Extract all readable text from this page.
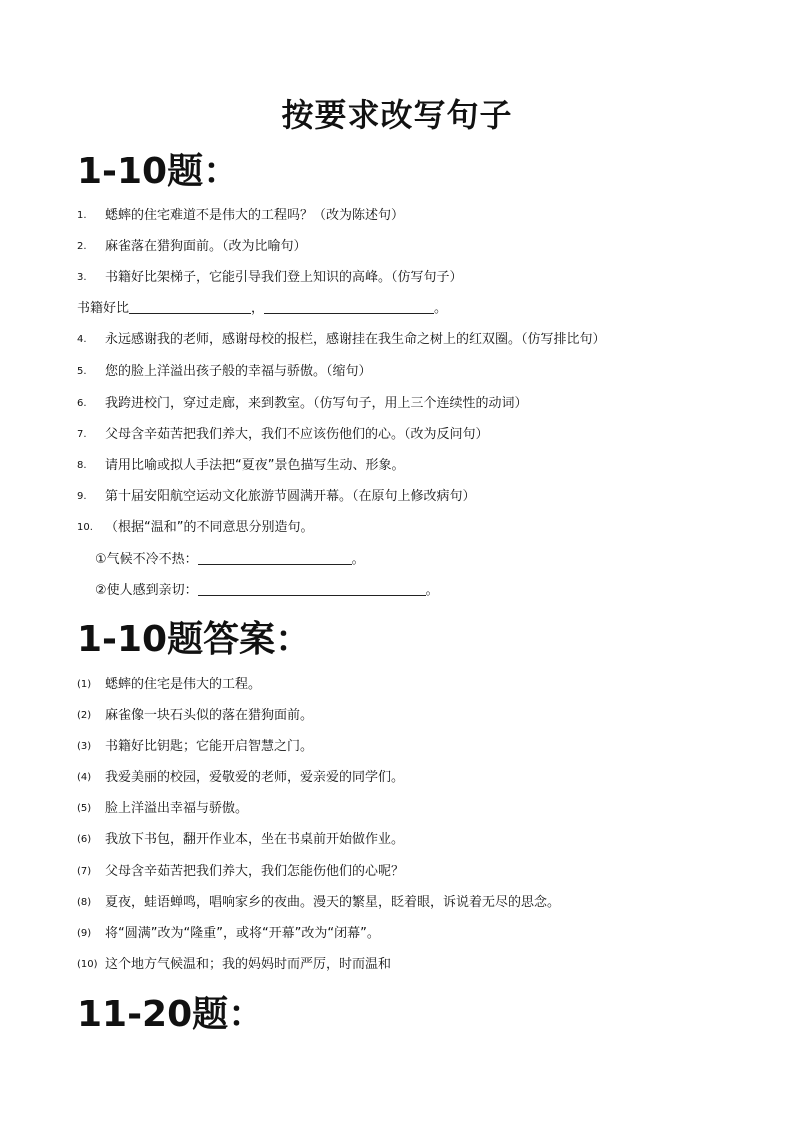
按要求改写句子
1-10题：
1. 蟋蟀的住宅难道不是伟大的工程吗？（改为陈述句）
2. 麻雀落在猎狗面前。（改为比喻句）
3. 书籍好比架梯子，它能引导我们登上知识的高峰。（仿写句子）
书籍好比	，	。
4. 永远感谢我的老师，感谢母校的报栏，感谢挂在我生命之树上的红双圈。（仿写排比句）
5. 您的脸上洋溢出孩子般的幸福与骄傲。（缩句）
6. 我跨进校门，穿过走廊，来到教室。（仿写句子，用上三个连续性的动词）
7. 父母含辛茹苦把我们养大，我们不应该伤他们的心。（改为反问句）
8. 请用比喻或拟人手法把“夏夜”景色描写生动、形象。
9. 第十届安阳航空运动文化旅游节圆满开幕。（在原句上修改病句）
10. （根据“温和”的不同意思分别造句。
①气候不冷不热：	。
②使人感到亲切：	。
1-10题答案：
(1) 蟋蟀的住宅是伟大的工程。
(2) 麻雀像一块石头似的落在猎狗面前。
(3) 书籍好比钥匙；它能开启智慧之门。
(4) 我爱美丽的校园，爱敬爱的老师，爱亲爱的同学们。
(5) 脸上洋溢出幸福与骄傲。
(6) 我放下书包，翻开作业本，坐在书桌前开始做作业。
(7) 父母含辛茹苦把我们养大，我们怎能伤他们的心呢？
(8) 夏夜，蛙语蝉鸣，唱响家乡的夜曲。漫天的繁星，眨着眼，诉说着无尽的思念。
(9) 将“圆满”改为“隆重”，或将“开幕”改为“闭幕”。
(10) 这个地方气候温和；我的妈妈时而严厉，时而温和
11-20题：
